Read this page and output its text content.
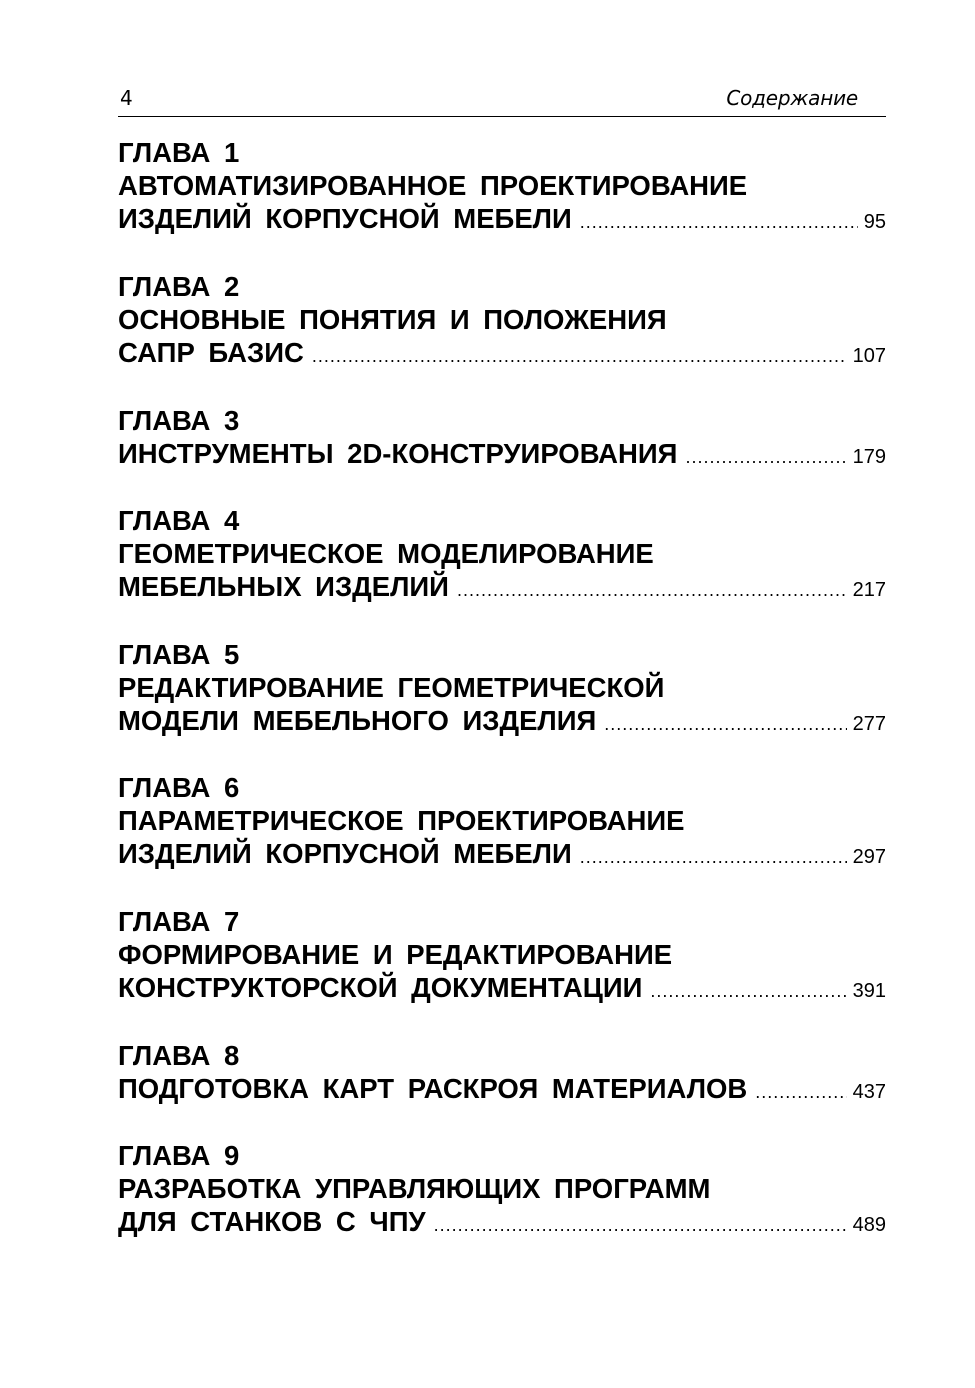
4	Содержание
ГЛАВА 1
АВТОМАТИЗИРОВАННОЕ ПРОЕКТИРОВАНИЕ
ИЗДЕЛИЙ КОРПУСНОЙ МЕБЕЛИ .....	95
ГЛАВА 2
ОСНОВНЫЕ ПОНЯТИЯ И ПОЛОЖЕНИЯ
САПР БАЗИС .....	107
ГЛАВА 3
ИНСТРУМЕНТЫ 2D-КОНСТРУИРОВАНИЯ .....	179
ГЛАВА 4
ГЕОМЕТРИЧЕСКОЕ МОДЕЛИРОВАНИЕ
МЕБЕЛЬНЫХ ИЗДЕЛИЙ .....	217
ГЛАВА 5
РЕДАКТИРОВАНИЕ ГЕОМЕТРИЧЕСКОЙ
МОДЕЛИ МЕБЕЛЬНОГО ИЗДЕЛИЯ .....	277
ГЛАВА 6
ПАРАМЕТРИЧЕСКОЕ ПРОЕКТИРОВАНИЕ
ИЗДЕЛИЙ КОРПУСНОЙ МЕБЕЛИ .....	297
ГЛАВА 7
ФОРМИРОВАНИЕ И РЕДАКТИРОВАНИЕ
КОНСТРУКТОРСКОЙ ДОКУМЕНТАЦИИ .....	391
ГЛАВА 8
ПОДГОТОВКА КАРТ РАСКРОЯ МАТЕРИАЛОВ .....	437
ГЛАВА 9
РАЗРАБОТКА УПРАВЛЯЮЩИХ ПРОГРАММ
ДЛЯ СТАНКОВ С ЧПУ .....	489
